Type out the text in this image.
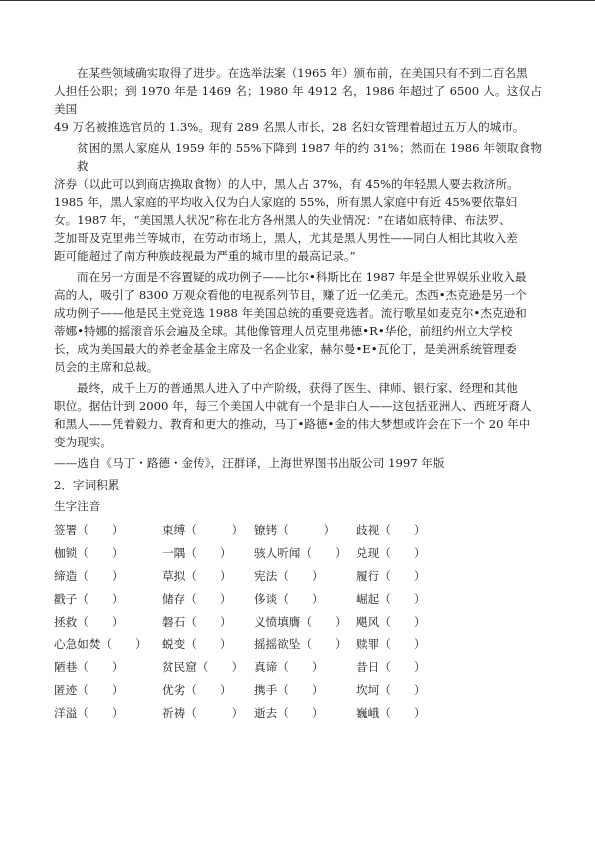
在某些领域确实取得了进步。在选举法案（1965 年）颁布前，在美国只有不到二百名黑
人担任公职；到 1970 年是 1469 名；1980 年 4912 名，1986 年超过了 6500 人。这仅占美国
49 万名被推选官员的 1.3%。现有 289 名黑人市长，28 名妇女管理着超过五万人的城市。

贫困的黑人家庭从 1959 年的 55%下降到 1987 年的约 31%；然而在 1986 年领取食物救
济券（以此可以到商店换取食物）的人中，黑人占 37%，有 45%的年轻黑人要去救济所。
1985 年，黑人家庭的平均收入仅为白人家庭的 55%，所有黑人家庭中有近 45%要依靠妇
女。1987 年，“美国黑人状况”称在北方各州黑人的失业情况：“在诸如底特律、布法罗、
芝加哥及克里弗兰等城市，在劳动市场上，黑人，尤其是黑人男性——同白人相比其收入差
距可能超过了南方种族歧视最为严重的城市里的最高记录。”

而在另一方面是不容置疑的成功例子——比尔•科斯比在 1987 年是全世界娱乐业收入最
高的人，吸引了 8300 万观众看他的电视系列节目，赚了近一亿美元。杰西•杰克逊是另一个
成功例子——他是民主党竞选 1988 年美国总统的重要竞选者。流行歌星如麦克尔•杰克逊和
蒂娜•特娜的摇滚音乐会遍及全球。其他像管理人员克里弗德•R•华伦，前纽约州立大学校
长，成为美国最大的养老金基金主席及一名企业家，赫尔曼•E•瓦伦丁，是美洲系统管理委
员会的主席和总裁。

最终，成千上万的普通黑人进入了中产阶级，获得了医生、律师、银行家、经理和其他
职位。据估计到 2000 年，每三个美国人中就有一个是非白人——这包括亚洲人、西班牙裔人
和黑人——凭着毅力、教育和更大的推动，马丁•路德•金的伟大梦想或许会在下一个 20 年中
变为现实。

——选自《马丁・路德・金传》，汪群译，上海世界图书出版公司 1997 年版
2．字词积累
生字注音
签署（　　）	束缚（　　　） 镣铐（　　　）	歧视（　　）
枷锁（　　）	一隅（　　）	骇人听闻（　　） 兑现（　　）
缔造（　　）	草拟（　　）	宪法（　　）	履行（　　）
戳子（　　）	储存（　　）	侈谈（　　）	崛起（　　）
拯救（　　）	磐石（　　）	义愤填膺（　　） 飓风（　　）
心急如焚（　　）	蜕变（　　）	摇摇欲坠（　　） 赎罪（　　）
陋巷（　　）	贫民窟（　　） 真谛（　　）	昔日（　　）
匿迹（　　）	优劣（　　）	携手（　　）	坎坷（　　）
洋溢（　　）	祈祷（　　　） 逝去（　　）	巍峨（　　）
